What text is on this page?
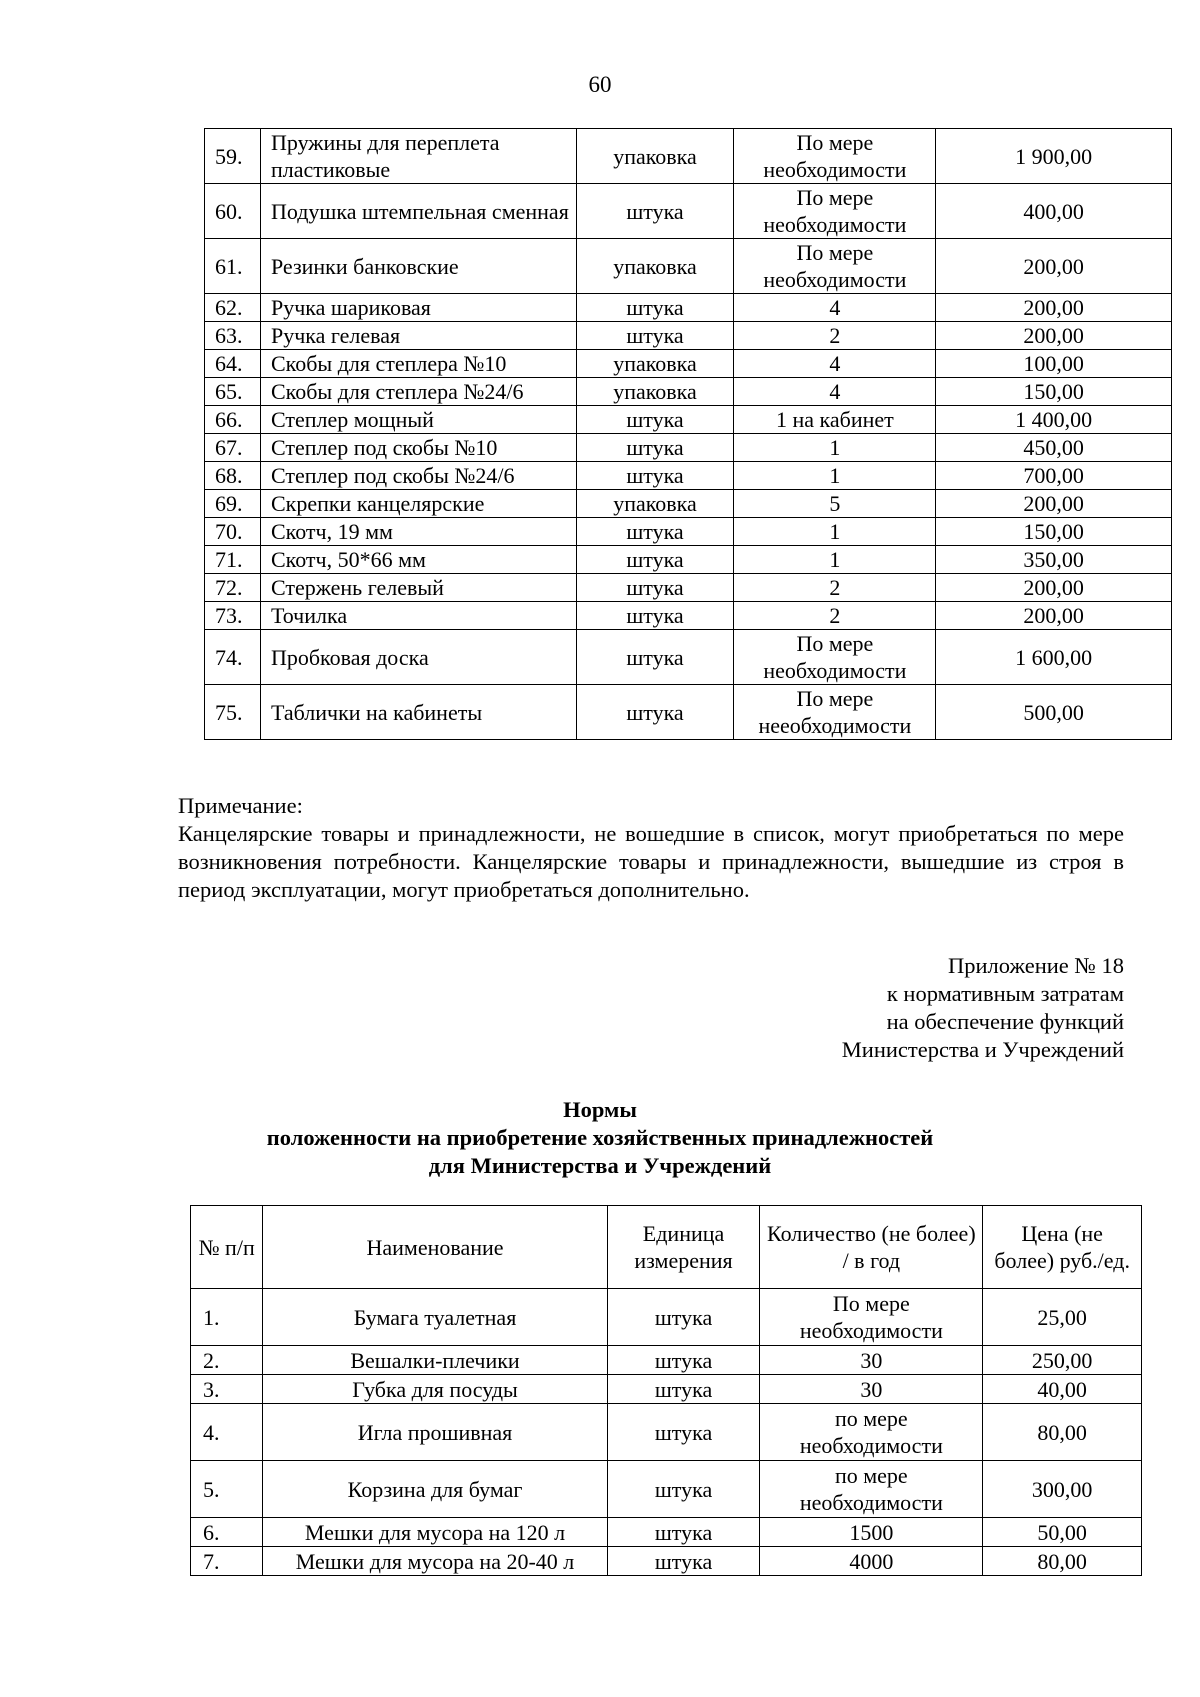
60
59.	Пружины для переплета пластиковые	упаковка	По мере необходимости	1 900,00
60.	Подушка штемпельная сменная	штука	По мере необходимости	400,00
61.	Резинки банковские	упаковка	По мере необходимости	200,00
62.	Ручка шариковая	штука	4	200,00
63.	Ручка гелевая	штука	2	200,00
64.	Скобы для степлера №10	упаковка	4	100,00
65.	Скобы для степлера №24/6	упаковка	4	150,00
66.	Степлер мощный	штука	1 на кабинет	1 400,00
67.	Степлер под скобы №10	штука	1	450,00
68.	Степлер под скобы №24/6	штука	1	700,00
69.	Скрепки канцелярские	упаковка	5	200,00
70.	Скотч, 19 мм	штука	1	150,00
71.	Скотч, 50*66 мм	штука	1	350,00
72.	Стержень гелевый	штука	2	200,00
73.	Точилка	штука	2	200,00
74.	Пробковая доска	штука	По мере необходимости	1 600,00
75.	Таблички на кабинеты	штука	По мере неeобходимости	500,00

Примечание:

Канцелярские товары и принадлежности, не вошедшие в список, могут приобретаться по мере возникновения потребности. Канцелярские товары и принадлежности, вышедшие из строя в период эксплуатации, могут приобретаться дополнительно.

Приложение № 18
к нормативным затратам
на обеспечение функций
Министерства и Учреждений
Нормы
положенности на приобретение хозяйственных принадлежностей
для Министерства и Учреждений
№ п/п	Наименование	Единица измерения	Количество (не более) / в год	Цена (не более) руб./ед.
1.	Бумага туалетная	штука	По мере необходимости	25,00
2.	Вешалки-плечики	штука	30	250,00
3.	Губка для посуды	штука	30	40,00
4.	Игла прошивная	штука	по мере необходимости	80,00
5.	Корзина для бумаг	штука	по мере необходимости	300,00
6.	Мешки для мусора на 120 л	штука	1500	50,00
7.	Мешки для мусора на 20-40 л	штука	4000	80,00
